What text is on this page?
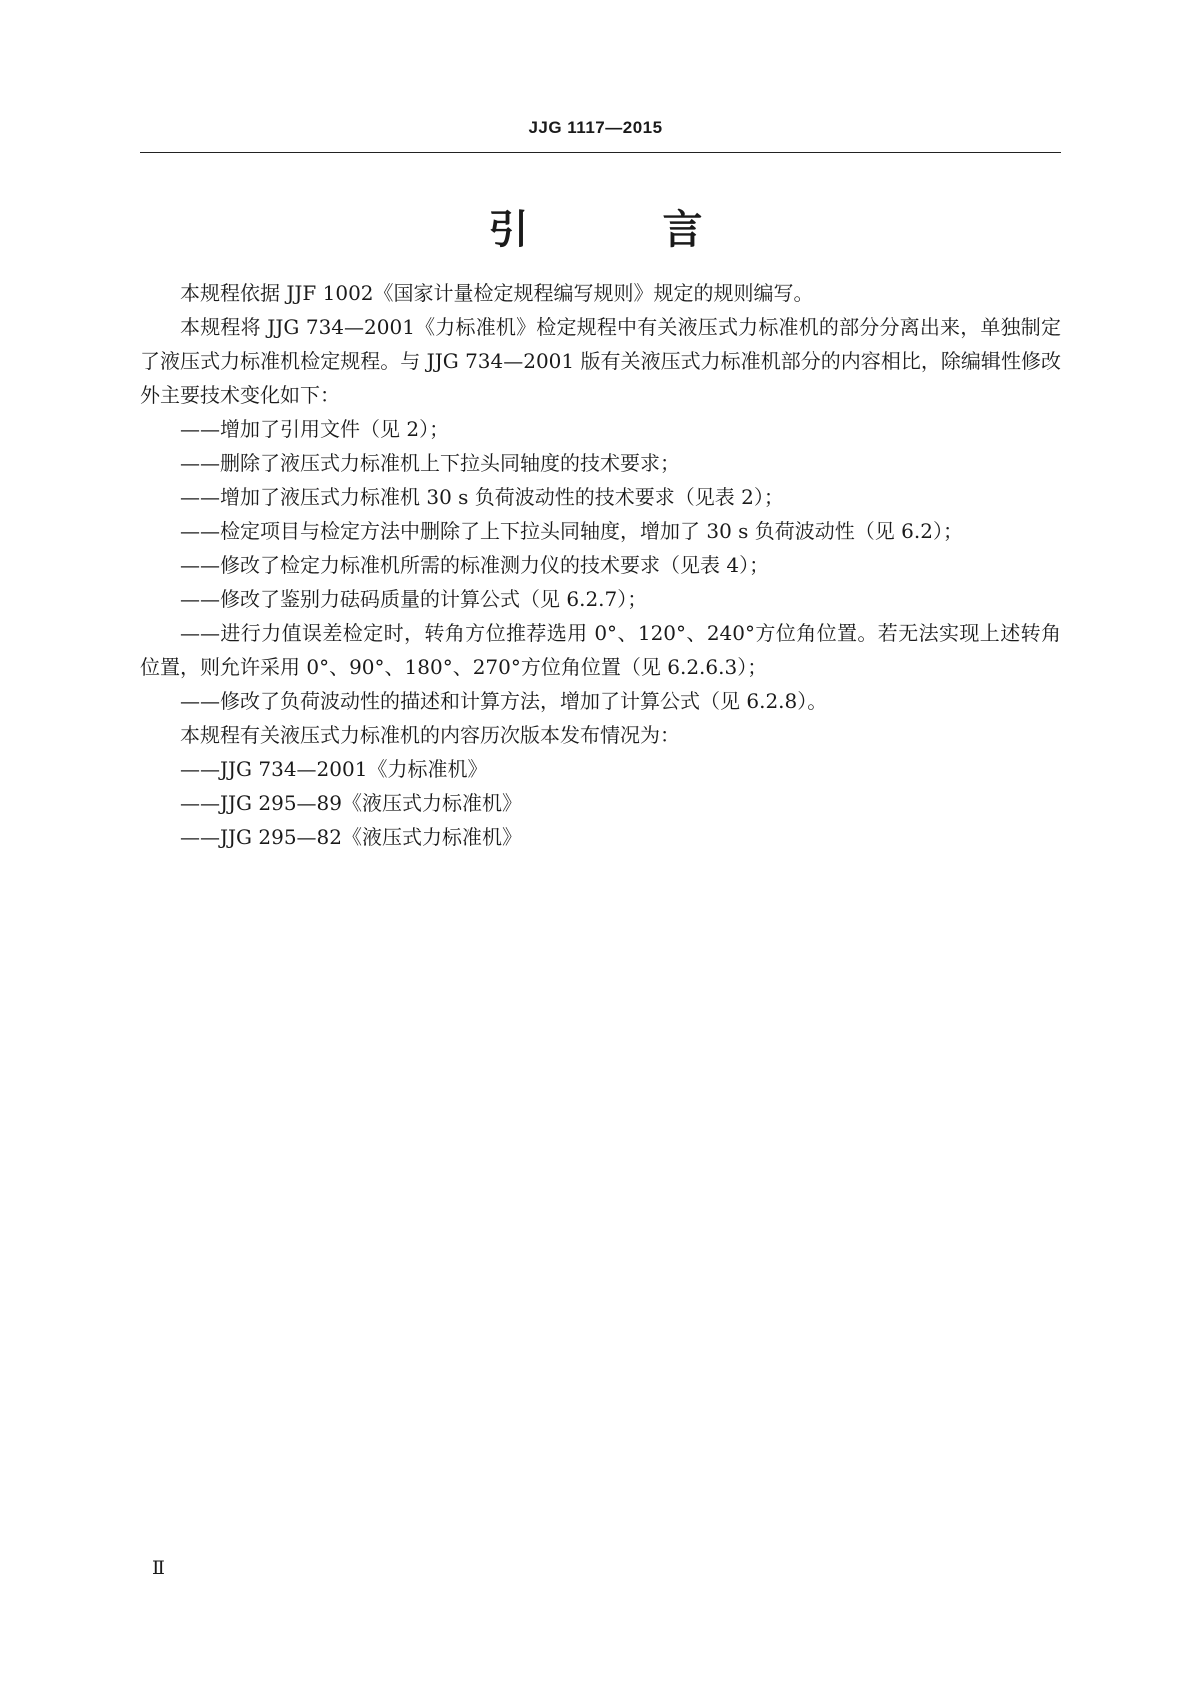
JJG 1117—2015
引 言

本规程依据 JJF 1002《国家计量检定规程编写规则》规定的规则编写。

本规程将 JJG 734—2001《力标准机》检定规程中有关液压式力标准机的部分分离出来，单独制定了液压式力标准机检定规程。与 JJG 734—2001 版有关液压式力标准机部分的内容相比，除编辑性修改外主要技术变化如下：

——增加了引用文件（见 2）；

——删除了液压式力标准机上下拉头同轴度的技术要求；

——增加了液压式力标准机 30 s 负荷波动性的技术要求（见表 2）；

——检定项目与检定方法中删除了上下拉头同轴度，增加了 30 s 负荷波动性（见 6.2）；

——修改了检定力标准机所需的标准测力仪的技术要求（见表 4）；

——修改了鉴别力砝码质量的计算公式（见 6.2.7）；

——进行力值误差检定时，转角方位推荐选用 0°、120°、240°方位角位置。若无法实现上述转角位置，则允许采用 0°、90°、180°、270°方位角位置（见 6.2.6.3）；

——修改了负荷波动性的描述和计算方法，增加了计算公式（见 6.2.8）。

本规程有关液压式力标准机的内容历次版本发布情况为：

——JJG 734—2001《力标准机》

——JJG 295—89《液压式力标准机》

——JJG 295—82《液压式力标准机》

Ⅱ
